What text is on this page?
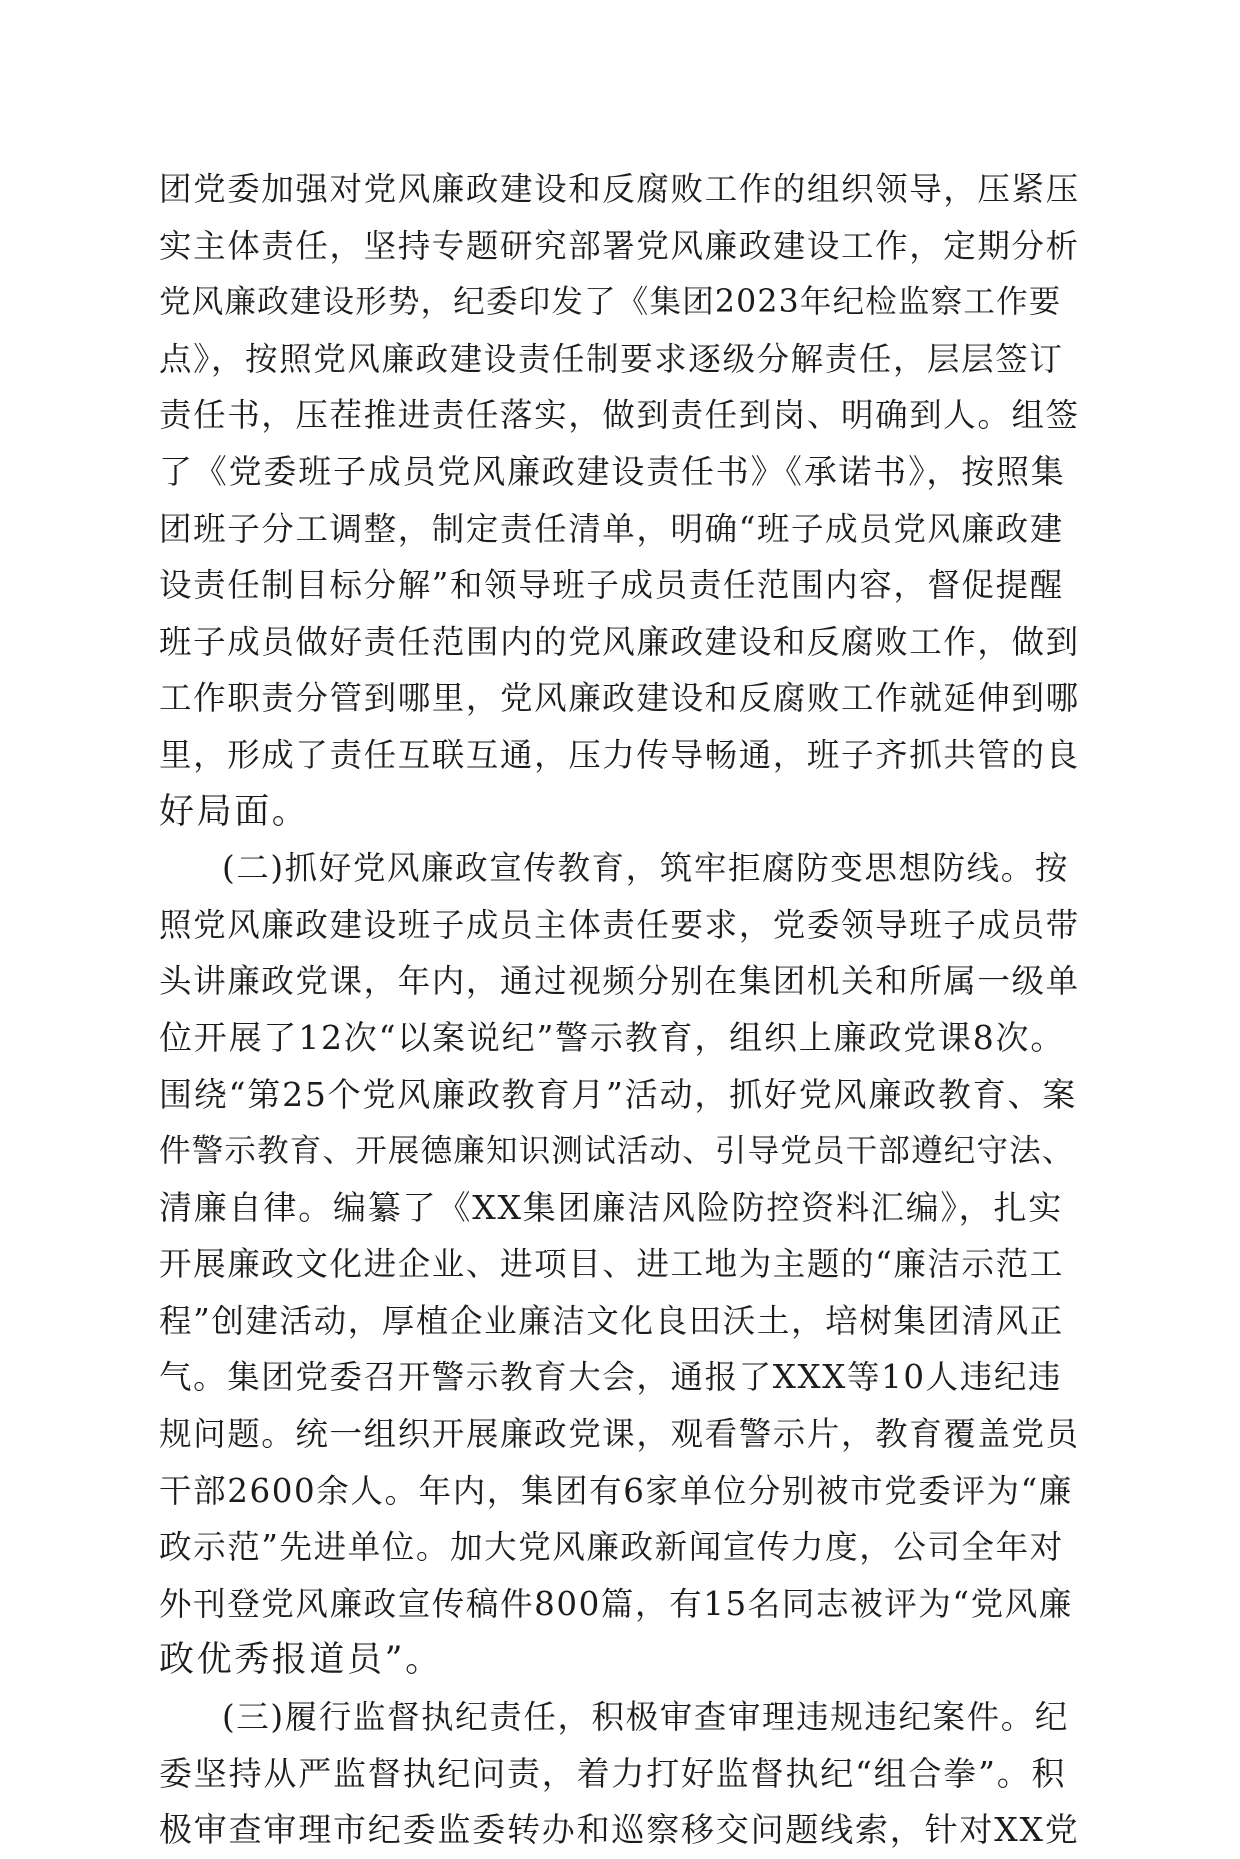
团党委加强对党风廉政建设和反腐败工作的组织领导，压紧压
实主体责任，坚持专题研究部署党风廉政建设工作，定期分析
党风廉政建设形势，纪委印发了《集团2023年纪检监察工作要
点》，按照党风廉政建设责任制要求逐级分解责任，层层签订
责任书，压茬推进责任落实，做到责任到岗、明确到人。组签
了《党委班子成员党风廉政建设责任书》《承诺书》，按照集
团班子分工调整，制定责任清单，明确“班子成员党风廉政建
设责任制目标分解”和领导班子成员责任范围内容，督促提醒
班子成员做好责任范围内的党风廉政建设和反腐败工作，做到
工作职责分管到哪里，党风廉政建设和反腐败工作就延伸到哪
里，形成了责任互联互通，压力传导畅通，班子齐抓共管的良
好局面。
(二)抓好党风廉政宣传教育，筑牢拒腐防变思想防线。按
照党风廉政建设班子成员主体责任要求，党委领导班子成员带
头讲廉政党课，年内，通过视频分别在集团机关和所属一级单
位开展了12次“以案说纪”警示教育，组织上廉政党课8次。
围绕“第25个党风廉政教育月”活动，抓好党风廉政教育、案
件警示教育、开展德廉知识测试活动、引导党员干部遵纪守法、
清廉自律。编纂了《XX集团廉洁风险防控资料汇编》，扎实
开展廉政文化进企业、进项目、进工地为主题的“廉洁示范工
程”创建活动，厚植企业廉洁文化良田沃土，培树集团清风正
气。集团党委召开警示教育大会，通报了XXX等10人违纪违
规问题。统一组织开展廉政党课，观看警示片，教育覆盖党员
干部2600余人。年内，集团有6家单位分别被市党委评为“廉
政示范”先进单位。加大党风廉政新闻宣传力度，公司全年对
外刊登党风廉政宣传稿件800篇，有15名同志被评为“党风廉
政优秀报道员”。
(三)履行监督执纪责任，积极审查审理违规违纪案件。纪
委坚持从严监督执纪问责，着力打好监督执纪“组合拳”。积
极审查审理市纪委监委转办和巡察移交问题线索，针对XX党
